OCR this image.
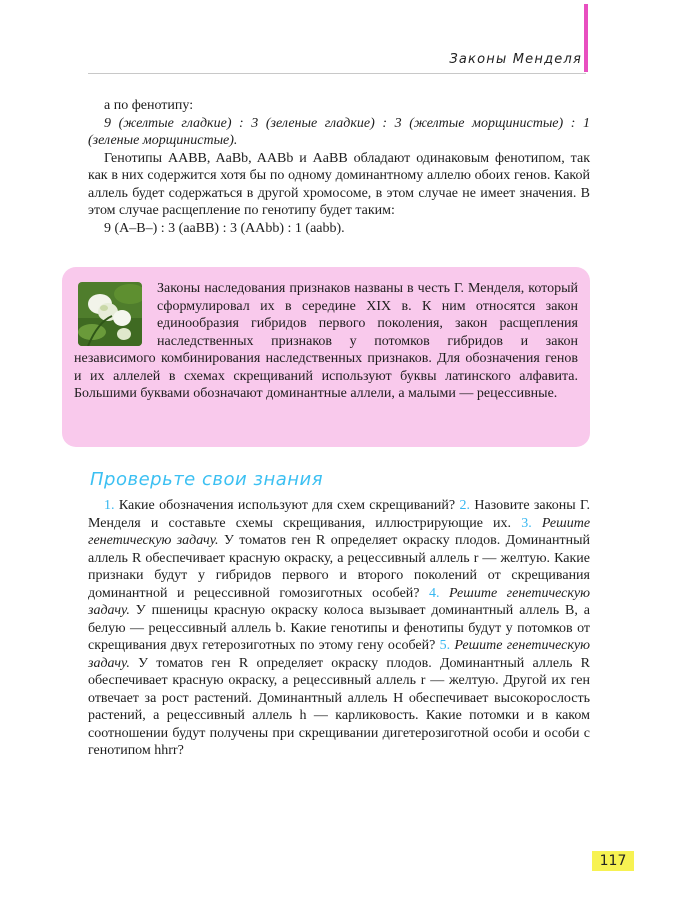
Законы Менделя

а по фенотипу:

9 (желтые гладкие) : 3 (зеленые гладкие) : 3 (желтые морщинистые) : 1 (зеленые морщинистые).

Генотипы AABB, AaBb, AABb и AaBB обладают одинаковым фенотипом, так как в них содержится хотя бы по одному доминантному аллелю обоих генов. Какой аллель будет содержаться в другой хромосоме, в этом случае не имеет значения. В этом случае расщепление по генотипу будет таким:

9 (A–B–) : 3 (aaBB) : 3 (AAbb) : 1 (aabb).

Законы наследования признаков названы в честь Г. Менделя, который сформулировал их в середине XIX в. К ним относятся закон единообразия гибридов первого поколения, закон расщепления наследственных признаков у потомков гибридов и закон независимого комбинирования наследственных признаков. Для обозначения генов и их аллелей в схемах скрещиваний используют буквы латинского алфавита. Большими буквами обозначают доминантные аллели, а малыми — рецессивные.
Проверьте свои знания

1. Какие обозначения используют для схем скрещиваний? 2. Назовите законы Г. Менделя и составьте схемы скрещивания, иллюстрирующие их. 3. Решите генетическую задачу. У томатов ген R определяет окраску плодов. Доминантный аллель R обеспечивает красную окраску, а рецессивный аллель r — желтую. Какие признаки будут у гибридов первого и второго поколений от скрещивания доминантной и рецессивной гомозиготных особей? 4. Решите генетическую задачу. У пшеницы красную окраску колоса вызывает доминантный аллель B, а белую — рецессивный аллель b. Какие генотипы и фенотипы будут у потомков от скрещивания двух гетерозиготных по этому гену особей? 5. Решите генетическую задачу. У томатов ген R определяет окраску плодов. Доминантный аллель R обеспечивает красную окраску, а рецессивный аллель r — желтую. Другой их ген отвечает за рост растений. Доминантный аллель H обеспечивает высокорослость растений, а рецессивный аллель h — карликовость. Какие потомки и в каком соотношении будут получены при скрещивании дигетерозиготной особи и особи с генотипом hhrr?

117
